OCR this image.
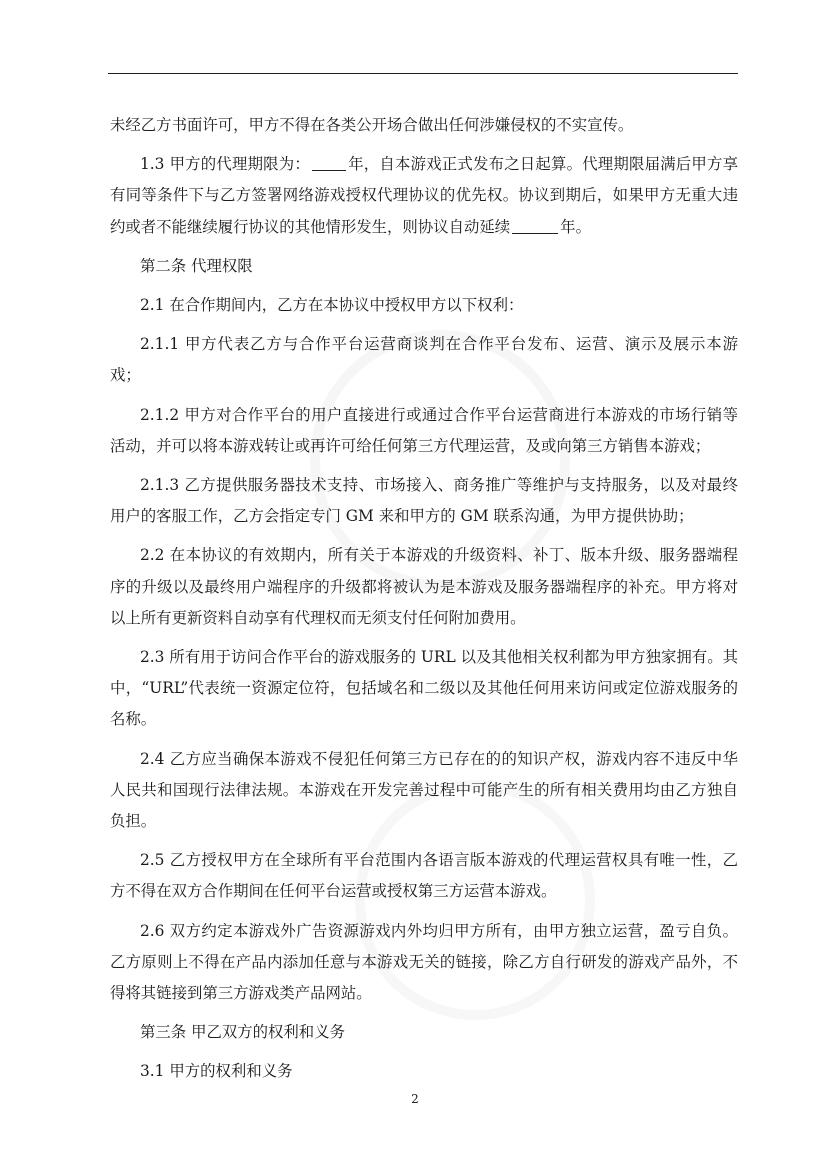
未经乙方书面许可，甲方不得在各类公开场合做出任何涉嫌侵权的不实宣传。

1.3 甲方的代理期限为： 年，自本游戏正式发布之日起算。代理期限届满后甲方享有同等条件下与乙方签署网络游戏授权代理协议的优先权。协议到期后，如果甲方无重大违约或者不能继续履行协议的其他情形发生，则协议自动延续	年。

第二条 代理权限

2.1 在合作期间内，乙方在本协议中授权甲方以下权利：

2.1.1 甲方代表乙方与合作平台运营商谈判在合作平台发布、运营、演示及展示本游戏；

2.1.2 甲方对合作平台的用户直接进行或通过合作平台运营商进行本游戏的市场行销等活动，并可以将本游戏转让或再许可给任何第三方代理运营，及或向第三方销售本游戏；

2.1.3 乙方提供服务器技术支持、市场接入、商务推广等维护与支持服务，以及对最终用户的客服工作，乙方会指定专门 GM 来和甲方的 GM 联系沟通，为甲方提供协助；

2.2 在本协议的有效期内，所有关于本游戏的升级资料、补丁、版本升级、服务器端程序的升级以及最终用户端程序的升级都将被认为是本游戏及服务器端程序的补充。甲方将对以上所有更新资料自动享有代理权而无须支付任何附加费用。

2.3 所有用于访问合作平台的游戏服务的 URL 以及其他相关权利都为甲方独家拥有。其中，“URL”代表统一资源定位符，包括域名和二级以及其他任何用来访问或定位游戏服务的名称。

2.4 乙方应当确保本游戏不侵犯任何第三方已存在的的知识产权，游戏内容不违反中华人民共和国现行法律法规。本游戏在开发完善过程中可能产生的所有相关费用均由乙方独自负担。

2.5 乙方授权甲方在全球所有平台范围内各语言版本游戏的代理运营权具有唯一性，乙方不得在双方合作期间在任何平台运营或授权第三方运营本游戏。

2.6 双方约定本游戏外广告资源游戏内外均归甲方所有，由甲方独立运营，盈亏自负。乙方原则上不得在产品内添加任意与本游戏无关的链接，除乙方自行研发的游戏产品外，不得将其链接到第三方游戏类产品网站。

第三条 甲乙双方的权利和义务

3.1 甲方的权利和义务

2
